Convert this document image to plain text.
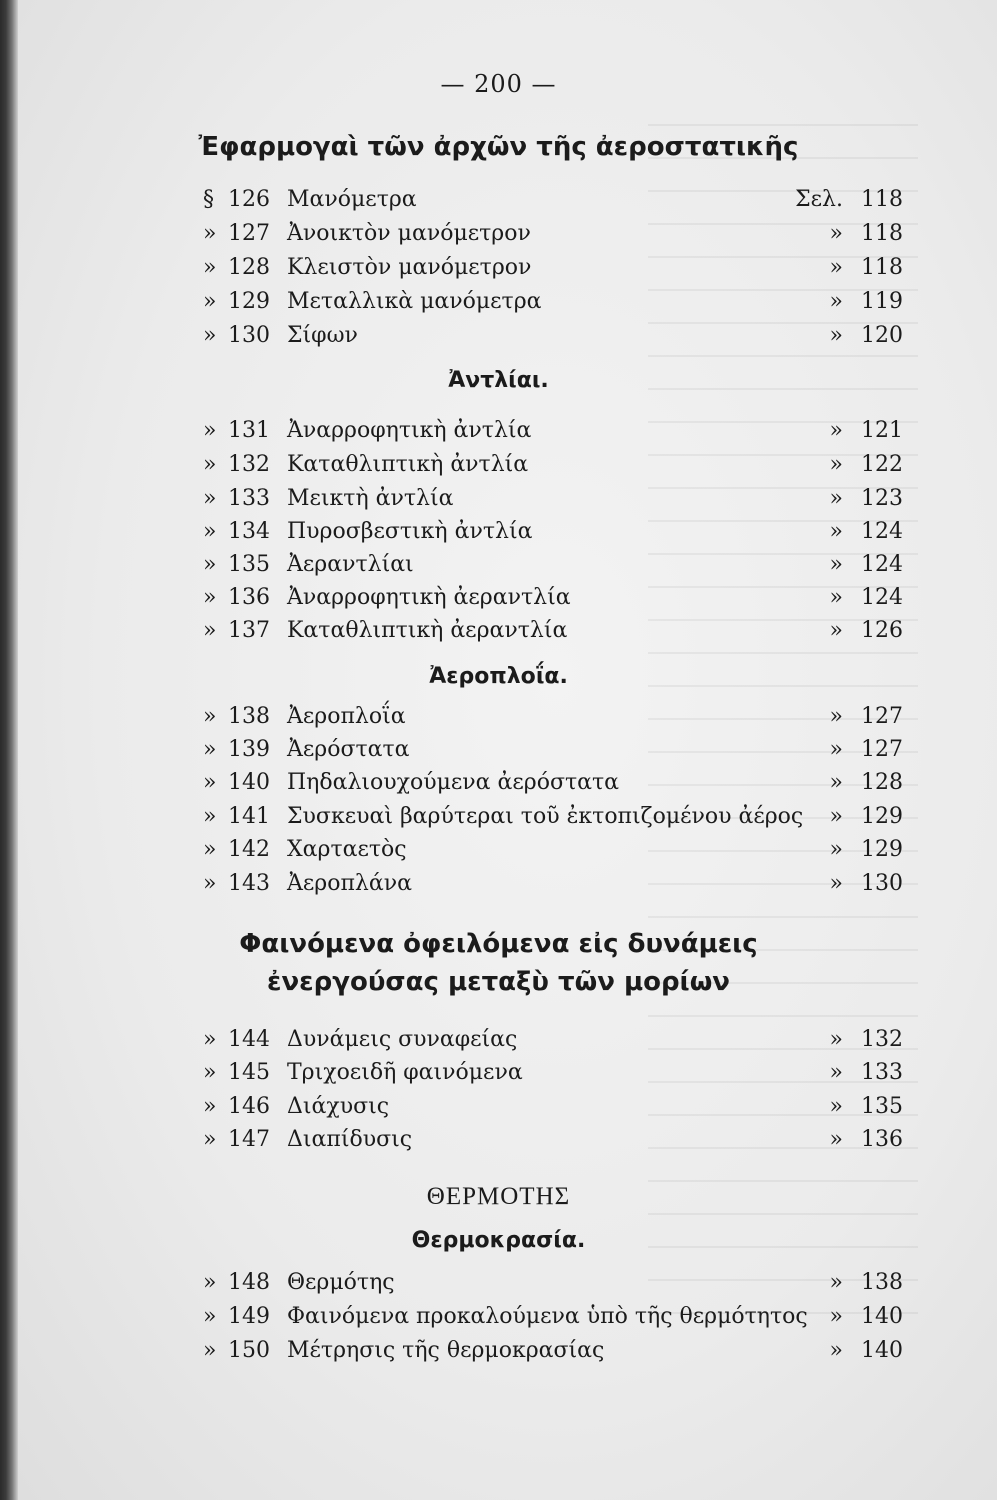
— 200 —
Ἐφαρμογαὶ τῶν ἀρχῶν τῆς ἀεροστατικῆς
§ 126 Μανόμετρα	Σελ. 118
» 127 Ἀνοικτὸν μανόμετρον	» 118
» 128 Κλειστὸν μανόμετρον	» 118
» 129 Μεταλλικὰ μανόμετρα	» 119
» 130 Σίφων	» 120
Ἀντλίαι.
» 131 Ἀναρροφητικὴ ἀντλία	» 121
» 132 Καταθλιπτικὴ ἀντλία	» 122
» 133 Μεικτὴ ἀντλία	» 123
» 134 Πυροσβεστικὴ ἀντλία	» 124
» 135 Ἀεραντλίαι	» 124
» 136 Ἀναρροφητικὴ ἀεραντλία	» 124
» 137 Καταθλιπτικὴ ἀεραντλία	» 126
Ἀεροπλοΐα.
» 138 Ἀεροπλοΐα	» 127
» 139 Ἀερόστατα	» 127
» 140 Πηδαλιουχούμενα ἀερόστατα	» 128
» 141 Συσκευαὶ βαρύτεραι τοῦ ἐκτοπιζομένου ἀέρος » 129
» 142 Χαρταετὸς	» 129
» 143 Ἀεροπλάνα	» 130
Φαινόμενα ὀφειλόμενα εἰς δυνάμεις
ἐνεργούσας μεταξὺ τῶν μορίων
» 144 Δυνάμεις συναφείας	» 132
» 145 Τριχοειδῆ φαινόμενα	» 133
» 146 Διάχυσις	» 135
» 147 Διαπίδυσις	» 136
ΘΕΡΜΟΤΗΣ
Θερμοκρασία.
» 148 Θερμότης	» 138
» 149 Φαινόμενα προκαλούμενα ὑπὸ τῆς θερμότητος » 140
» 150 Μέτρησις τῆς θερμοκρασίας	» 140
